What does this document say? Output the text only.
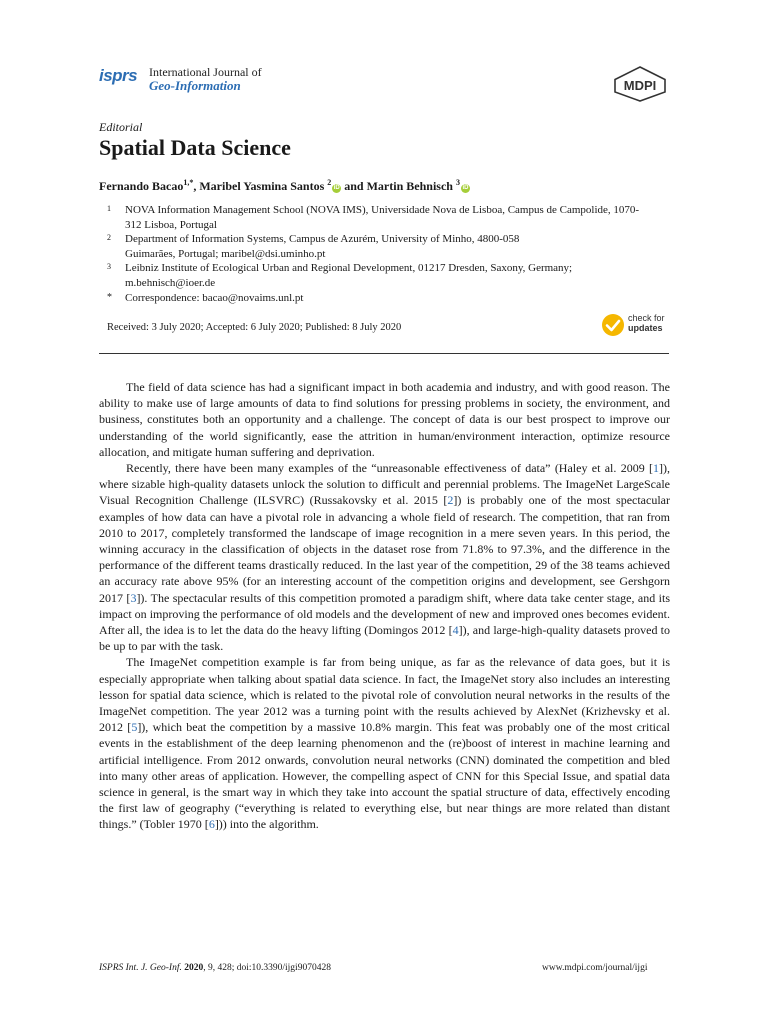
isprs International Journal of
Geo-Information	MDPI
Editorial
Spatial Data Science
Fernando Bacao$^{1,*}$, Maribel Yasmina Santos $^2$iD and Martin Behnisch $^3$iD
1 NOVA Information Management School (NOVA IMS), Universidade Nova de Lisboa, Campus de Campolide, 1070-312 Lisboa, Portugal
2 Department of Information Systems, Campus de Azurém, University of Minho, 4800-058 Guimarães, Portugal; maribel@dsi.uminho.pt
3 Leibniz Institute of Ecological Urban and Regional Development, 01217 Dresden, Saxony, Germany; m.behnisch@ioer.de
* Correspondence: bacao@novaims.unl.pt
Received: 3 July 2020; Accepted: 6 July 2020; Published: 8 July 2020
check for
updates

The field of data science has had a significant impact in both academia and industry, and with good reason. The ability to make use of large amounts of data to find solutions for pressing problems in society, the environment, and business, constitutes both an opportunity and a challenge. The concept of data is our best prospect to improve our understanding of the world significantly, ease the attrition in human/environment interaction, optimize resource allocation, and mitigate human suffering and deprivation.

Recently, there have been many examples of the “unreasonable effectiveness of data” (Haley et al. 2009 [1]), where sizable high-quality datasets unlock the solution to difficult and perennial problems. The ImageNet LargeScale Visual Recognition Challenge (ILSVRC) (Russakovsky et al. 2015 [2]) is probably one of the most spectacular examples of how data can have a pivotal role in advancing a whole field of research. The competition, that ran from 2010 to 2017, completely transformed the landscape of image recognition in a mere seven years. In this period, the winning accuracy in the classification of objects in the dataset rose from 71.8% to 97.3%, and the difference in the performance of the different teams drastically reduced. In the last year of the competition, 29 of the 38 teams achieved an accuracy rate above 95% (for an interesting account of the competition origins and development, see Gershgorn 2017 [3]). The spectacular results of this competition promoted a paradigm shift, where data take center stage, and its impact on improving the performance of old models and the development of new and improved ones becomes evident. After all, the idea is to let the data do the heavy lifting (Domingos 2012 [4]), and large-high-quality datasets proved to be up to par with the task.

The ImageNet competition example is far from being unique, as far as the relevance of data goes, but it is especially appropriate when talking about spatial data science. In fact, the ImageNet story also includes an interesting lesson for spatial data science, which is related to the pivotal role of convolution neural networks in the results of the ImageNet competition. The year 2012 was a turning point with the results achieved by AlexNet (Krizhevsky et al. 2012 [5]), which beat the competition by a massive 10.8% margin. This feat was probably one of the most critical events in the establishment of the deep learning phenomenon and the (re)boost of interest in machine learning and artificial intelligence. From 2012 onwards, convolution neural networks (CNN) dominated the competition and bled into many other areas of application. However, the compelling aspect of CNN for this Special Issue, and spatial data science in general, is the smart way in which they take into account the spatial structure of data, effectively encoding the first law of geography (“everything is related to everything else, but near things are more related than distant things.” (Tobler 1970 [6])) into the algorithm.

ISPRS Int. J. Geo-Inf. 2020, 9, 428; doi:10.3390/ijgi9070428	www.mdpi.com/journal/ijgi
